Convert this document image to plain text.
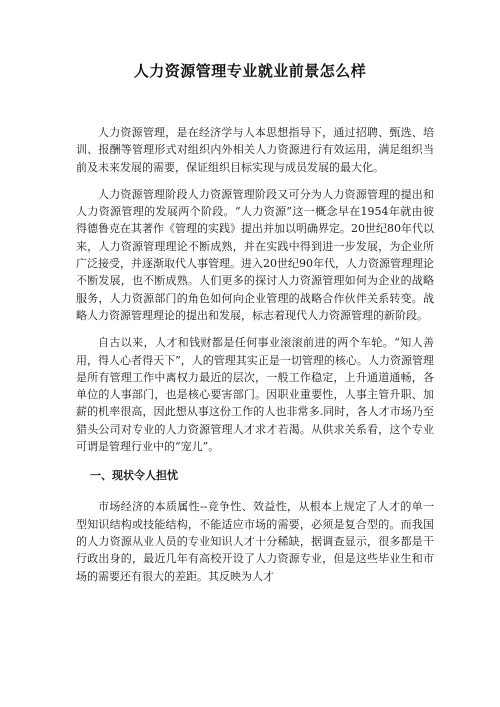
人力资源管理专业就业前景怎么样

人力资源管理，是在经济学与人本思想指导下，通过招聘、甄选、培训、报酬等管理形式对组织内外相关人力资源进行有效运用，满足组织当前及未来发展的需要，保证组织目标实现与成员发展的最大化。

人力资源管理阶段人力资源管理阶段又可分为人力资源管理的提出和人力资源管理的发展两个阶段。“人力资源”这一概念早在1954年就由彼得德鲁克在其著作《管理的实践》提出并加以明确界定。20世纪80年代以来，人力资源管理理论不断成熟，并在实践中得到进一步发展，为企业所广泛接受，并逐渐取代人事管理。进入20世纪90年代，人力资源管理理论不断发展，也不断成熟。人们更多的探讨人力资源管理如何为企业的战略服务，人力资源部门的角色如何向企业管理的战略合作伙伴关系转变。战略人力资源管理理论的提出和发展，标志着现代人力资源管理的新阶段。

自古以来，人才和钱财都是任何事业滚滚前进的两个车轮。“知人善用，得人心者得天下”，人的管理其实正是一切管理的核心。人力资源管理是所有管理工作中离权力最近的层次，一般工作稳定，上升通道通畅，各单位的人事部门，也是核心要害部门。因职业重要性，人事主管升职、加薪的机率很高，因此想从事这份工作的人也非常多.同时，各人才市场乃至猎头公司对专业的人力资源管理人才求才若渴。从供求关系看，这个专业可谓是管理行业中的“宠儿”。

一、现状令人担忧

市场经济的本质属性--竞争性、效益性，从根本上规定了人才的单一型知识结构或技能结构，不能适应市场的需要，必须是复合型的。而我国的人力资源从业人员的专业知识人才十分稀缺，据调查显示，很多都是干行政出身的，最近几年有高校开设了人力资源专业，但是这些毕业生和市场的需要还有很大的差距。其反映为人才
